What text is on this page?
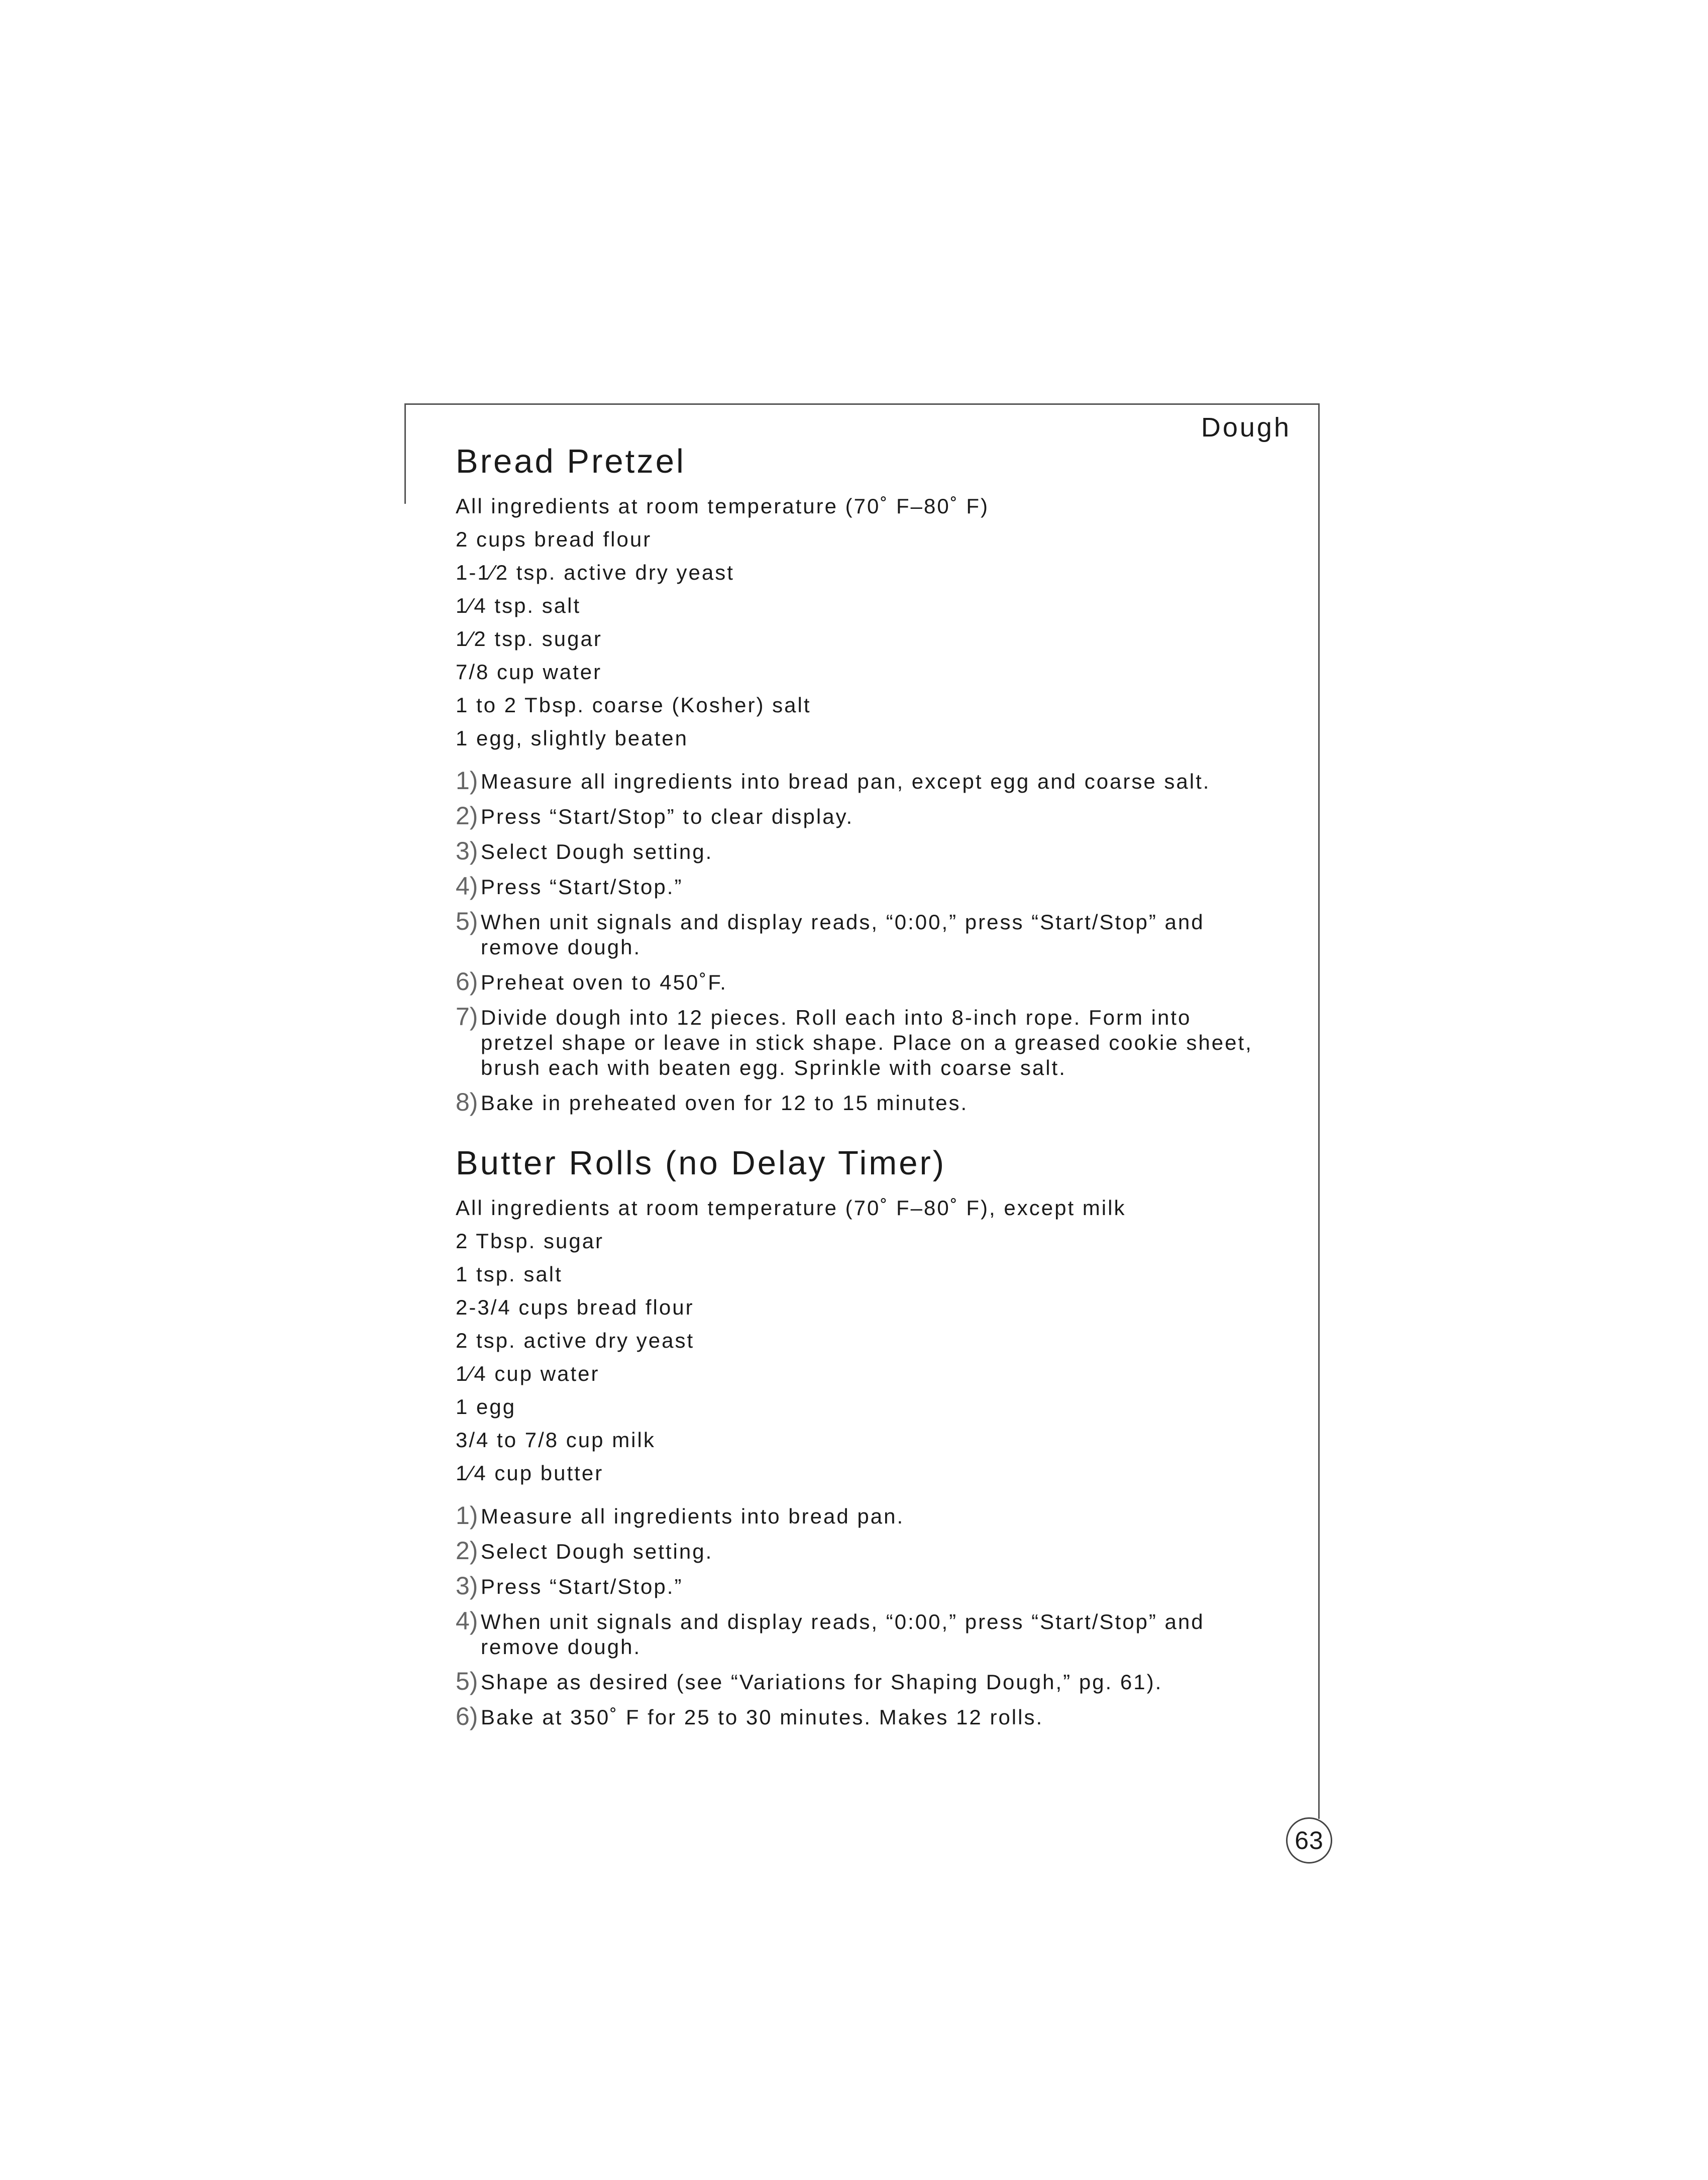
Dough
Bread Pretzel
All ingredients at room temperature (70˚ F–80˚ F)
2 cups bread flour
1-1⁄2 tsp. active dry yeast
1⁄4 tsp. salt
1⁄2 tsp. sugar
7/8 cup water
1 to 2 Tbsp. coarse (Kosher) salt
1 egg, slightly beaten
1) Measure all ingredients into bread pan, except egg and coarse salt.
2) Press “Start/Stop” to clear display.
3) Select Dough setting.
4) Press “Start/Stop.”
5) When unit signals and display reads, “0:00,” press “Start/Stop” and remove dough.
6) Preheat oven to 450˚F.
7) Divide dough into 12 pieces. Roll each into 8-inch rope. Form into pretzel shape or leave in stick shape. Place on a greased cookie sheet, brush each with beaten egg. Sprinkle with coarse salt.
8) Bake in preheated oven for 12 to 15 minutes.
Butter Rolls (no Delay Timer)
All ingredients at room temperature (70˚ F–80˚ F), except milk
2 Tbsp. sugar
1 tsp. salt
2-3/4 cups bread flour
2 tsp. active dry yeast
1⁄4 cup water
1 egg
3/4 to 7/8 cup milk
1⁄4 cup butter
1) Measure all ingredients into bread pan.
2) Select Dough setting.
3) Press “Start/Stop.”
4) When unit signals and display reads, “0:00,” press “Start/Stop” and remove dough.
5) Shape as desired (see “Variations for Shaping Dough,” pg. 61).
6) Bake at 350˚ F for 25 to 30 minutes. Makes 12 rolls.
63
